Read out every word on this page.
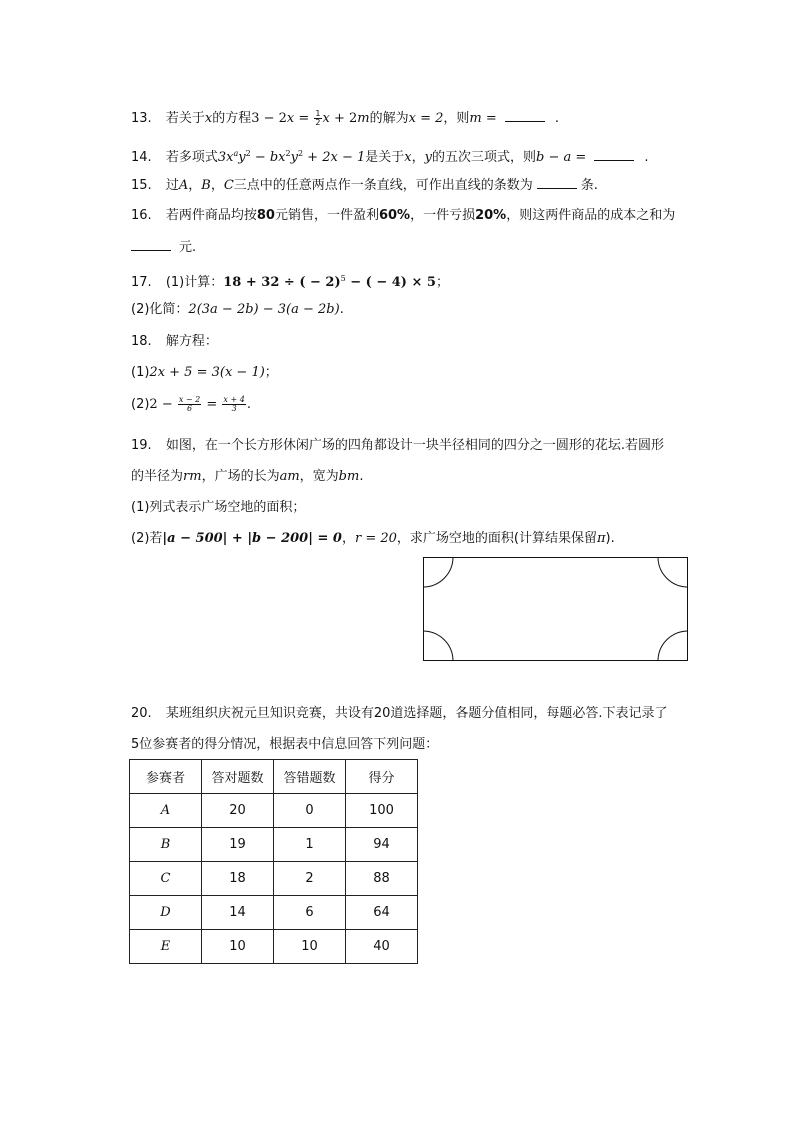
13. 若关于x的方程$3 - 2x = \frac{1}{2}$ x + 2m的解为x = 2，则m =	.
14. 若多项式$3x^ay^2 - bx^2y^2 + 2x - 1$是关于x，y的五次三项式，则b − a =	.
15. 过A，B，C三点中的任意两点作一条直线，可作出直线的条数为	条.
16. 若两件商品均按80元销售，一件盈利60%，一件亏损20%，则这两件商品的成本之和为
元.
17. (1)计算：18 + 32 ÷ ( − 2)$^5$ − ( − 4) × 5；
(2)化简：2(3a − 2b) − 3(a − 2b).
18. 解方程：
(1)2x + 5 = 3(x − 1)；
$(2)2 - \frac{x - 2}{6} = \frac{x + 4}{3}$ .
19. 如图，在一个长方形休闲广场的四角都设计一块半径相同的四分之一圆形的花坛.若圆形
的半径为rm，广场的长为am，宽为bm.
(1)列式表示广场空地的面积；
(2)若|a − 500| + |b − 200| = 0，r = 20，求广场空地的面积(计算结果保留π).
20. 某班组织庆祝元旦知识竞赛，共设有20道选择题，各题分值相同，每题必答.下表记录了
5位参赛者的得分情况，根据表中信息回答下列问题：
参赛者	答对题数	答错题数	得分
A	20	0	100
B	19	1	94
C	18	2	88
D	14	6	64
E	10	10	40
